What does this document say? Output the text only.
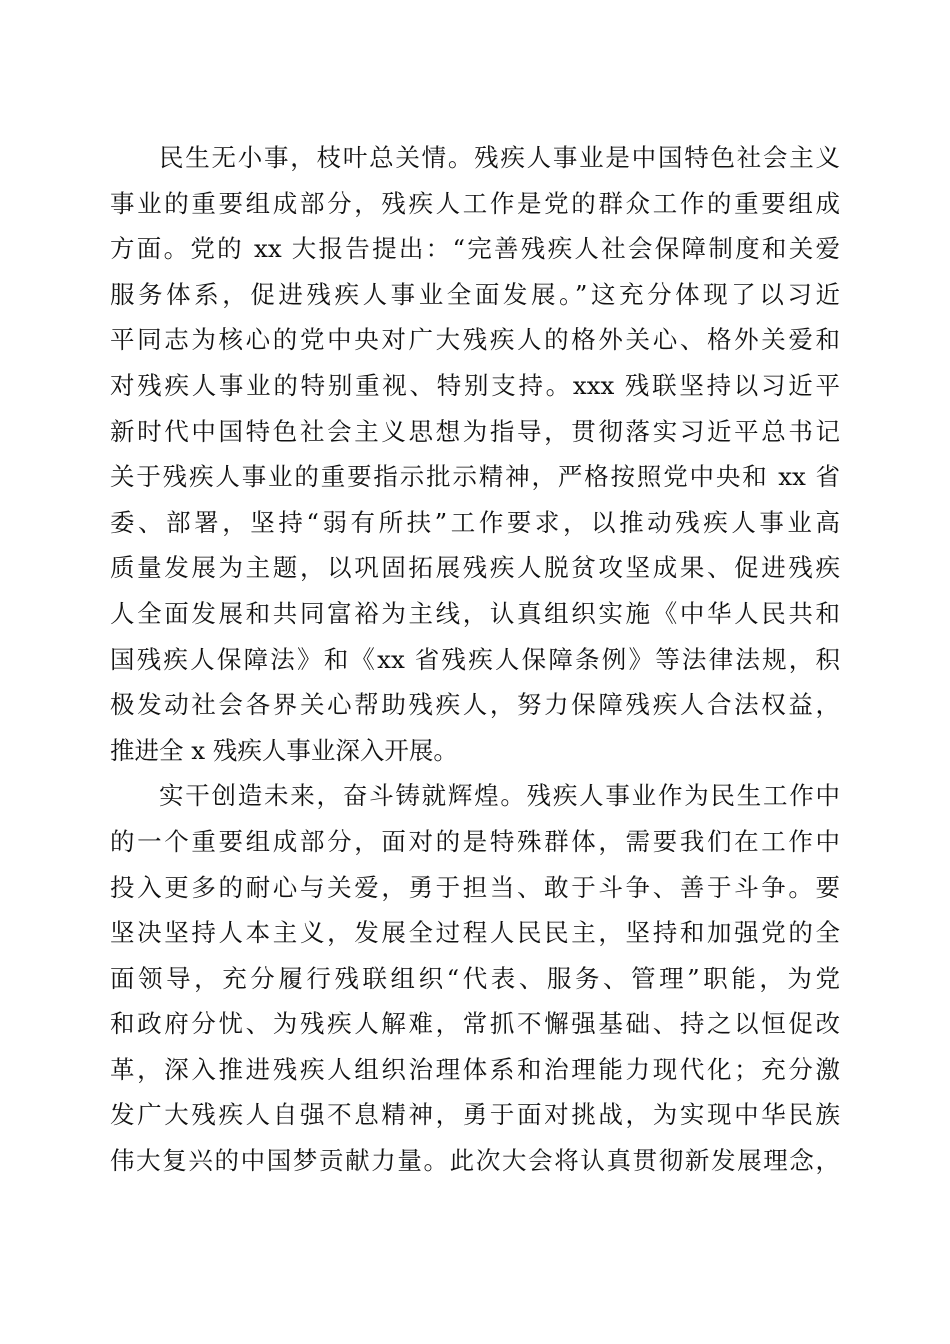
民生无小事，枝叶总关情。残疾人事业是中国特色社会主义
事业的重要组成部分，残疾人工作是党的群众工作的重要组成
方面。党的 xx 大报告提出：“完善残疾人社会保障制度和关爱
服务体系，促进残疾人事业全面发展。”这充分体现了以习近
平同志为核心的党中央对广大残疾人的格外关心、格外关爱和
对残疾人事业的特别重视、特别支持。xxx 残联坚持以习近平
新时代中国特色社会主义思想为指导，贯彻落实习近平总书记
关于残疾人事业的重要指示批示精神，严格按照党中央和 xx 省
委、部署，坚持“弱有所扶”工作要求，以推动残疾人事业高
质量发展为主题，以巩固拓展残疾人脱贫攻坚成果、促进残疾
人全面发展和共同富裕为主线，认真组织实施《中华人民共和
国残疾人保障法》和《xx 省残疾人保障条例》等法律法规，积
极发动社会各界关心帮助残疾人，努力保障残疾人合法权益，
推进全 x 残疾人事业深入开展。
实干创造未来，奋斗铸就辉煌。残疾人事业作为民生工作中
的一个重要组成部分，面对的是特殊群体，需要我们在工作中
投入更多的耐心与关爱，勇于担当、敢于斗争、善于斗争。要
坚决坚持人本主义，发展全过程人民民主，坚持和加强党的全
面领导，充分履行残联组织“代表、服务、管理”职能，为党
和政府分忧、为残疾人解难，常抓不懈强基础、持之以恒促改
革，深入推进残疾人组织治理体系和治理能力现代化；充分激
发广大残疾人自强不息精神，勇于面对挑战，为实现中华民族
伟大复兴的中国梦贡献力量。此次大会将认真贯彻新发展理念，
